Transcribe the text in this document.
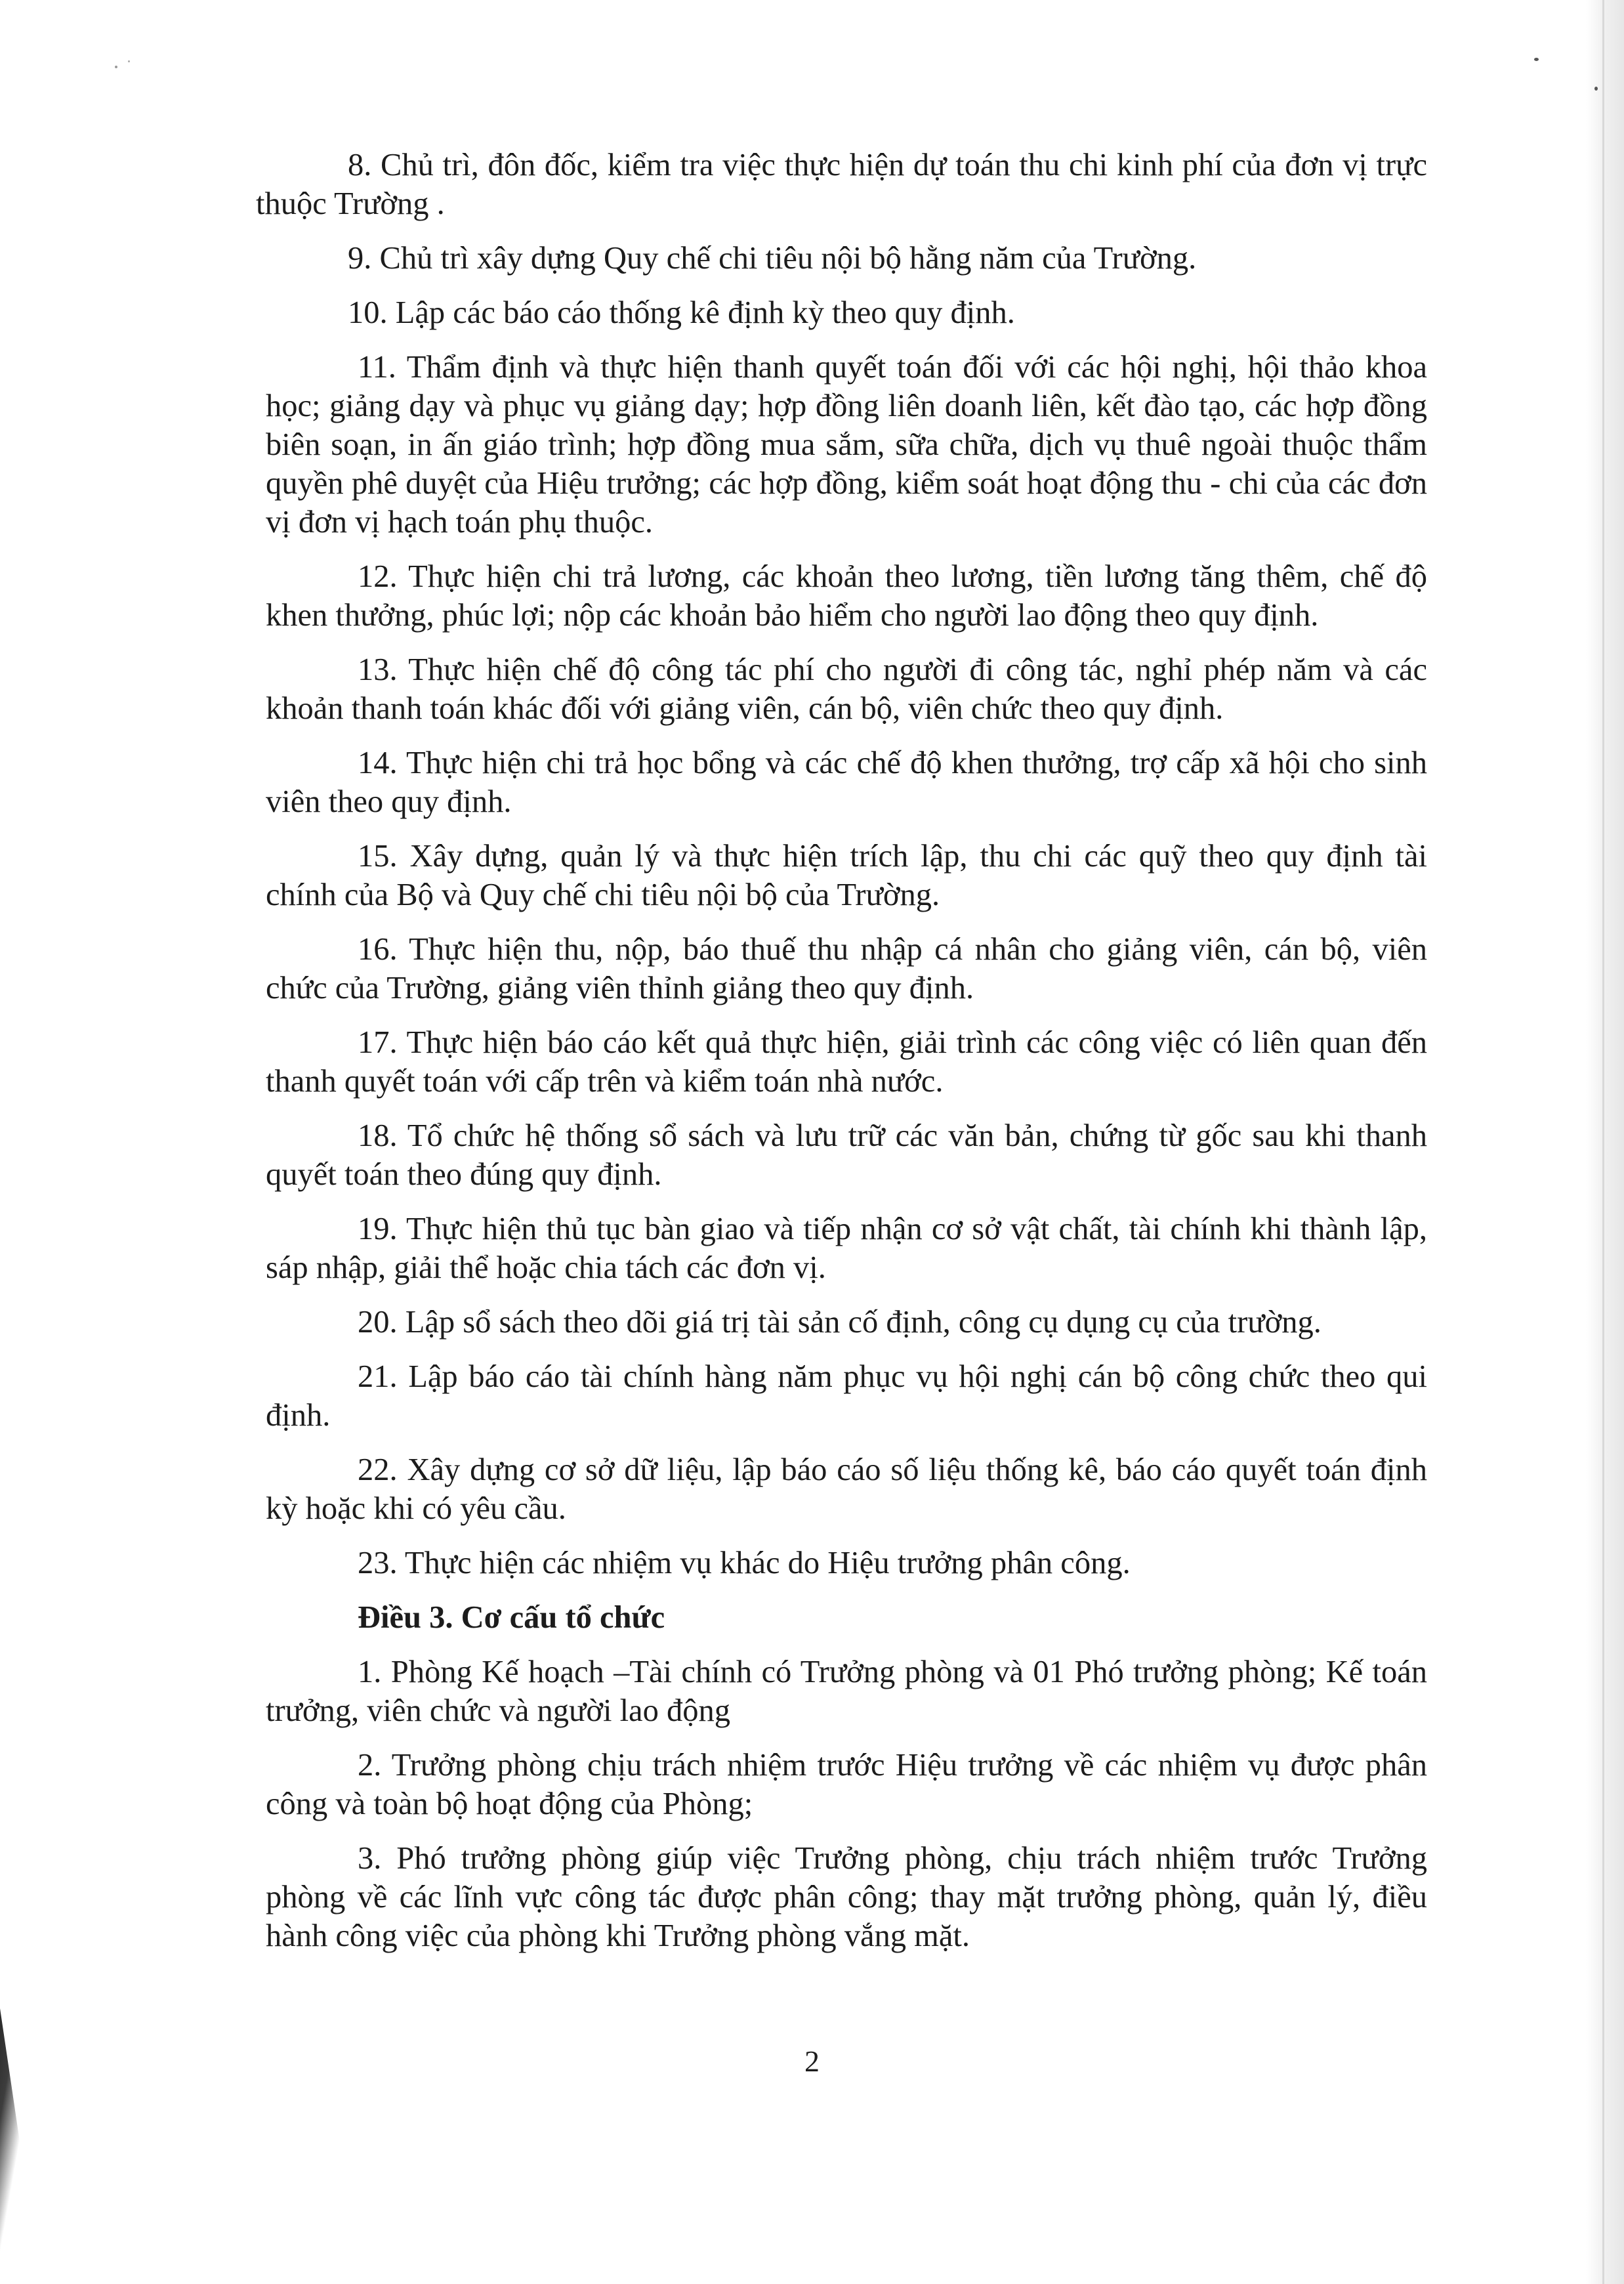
8. Chủ trì, đôn đốc, kiểm tra việc thực hiện dự toán thu chi kinh phí của đơn vị trực thuộc Trường .

9. Chủ trì xây dựng Quy chế chi tiêu nội bộ hằng năm của Trường.

10. Lập các báo cáo thống kê định kỳ theo quy định.

11. Thẩm định và thực hiện thanh quyết toán đối với các hội nghị, hội thảo khoa học; giảng dạy và phục vụ giảng dạy; hợp đồng liên doanh liên, kết đào tạo, các hợp đồng biên soạn, in ấn giáo trình; hợp đồng mua sắm, sữa chữa, dịch vụ thuê ngoài thuộc thẩm quyền phê duyệt của Hiệu trưởng; các hợp đồng, kiểm soát hoạt động thu - chi của các đơn vị đơn vị hạch toán phụ thuộc.

12. Thực hiện chi trả lương, các khoản theo lương, tiền lương tăng thêm, chế độ khen thưởng, phúc lợi; nộp các khoản bảo hiểm cho người lao động theo quy định.

13. Thực hiện chế độ công tác phí cho người đi công tác, nghỉ phép năm và các khoản thanh toán khác đối với giảng viên, cán bộ, viên chức theo quy định.

14. Thực hiện chi trả học bổng và các chế độ khen thưởng, trợ cấp xã hội cho sinh viên theo quy định.

15. Xây dựng, quản lý và thực hiện trích lập, thu chi các quỹ theo quy định tài chính của Bộ và Quy chế chi tiêu nội bộ của Trường.

16. Thực hiện thu, nộp, báo thuế thu nhập cá nhân cho giảng viên, cán bộ, viên chức của Trường, giảng viên thỉnh giảng theo quy định.

17. Thực hiện báo cáo kết quả thực hiện, giải trình các công việc có liên quan đến thanh quyết toán với cấp trên và kiểm toán nhà nước.

18. Tổ chức hệ thống sổ sách và lưu trữ các văn bản, chứng từ gốc sau khi thanh quyết toán theo đúng quy định.

19. Thực hiện thủ tục bàn giao và tiếp nhận cơ sở vật chất, tài chính khi thành lập, sáp nhập, giải thể hoặc chia tách các đơn vị.

20. Lập sổ sách theo dõi giá trị tài sản cố định, công cụ dụng cụ của trường.

21. Lập báo cáo tài chính hàng năm phục vụ hội nghị cán bộ công chức theo qui định.

22. Xây dựng cơ sở dữ liệu, lập báo cáo số liệu thống kê, báo cáo quyết toán định kỳ hoặc khi có yêu cầu.

23. Thực hiện các nhiệm vụ khác do Hiệu trưởng phân công.

Điều 3. Cơ cấu tổ chức

1. Phòng Kế hoạch –Tài chính có Trưởng phòng và 01 Phó trưởng phòng; Kế toán trưởng, viên chức và người lao động

2. Trưởng phòng chịu trách nhiệm trước Hiệu trưởng về các nhiệm vụ được phân công và toàn bộ hoạt động của Phòng;

3. Phó trưởng phòng giúp việc Trưởng phòng, chịu trách nhiệm trước Trưởng phòng về các lĩnh vực công tác được phân công; thay mặt trưởng phòng, quản lý, điều hành công việc của phòng khi Trưởng phòng vắng mặt.

2
